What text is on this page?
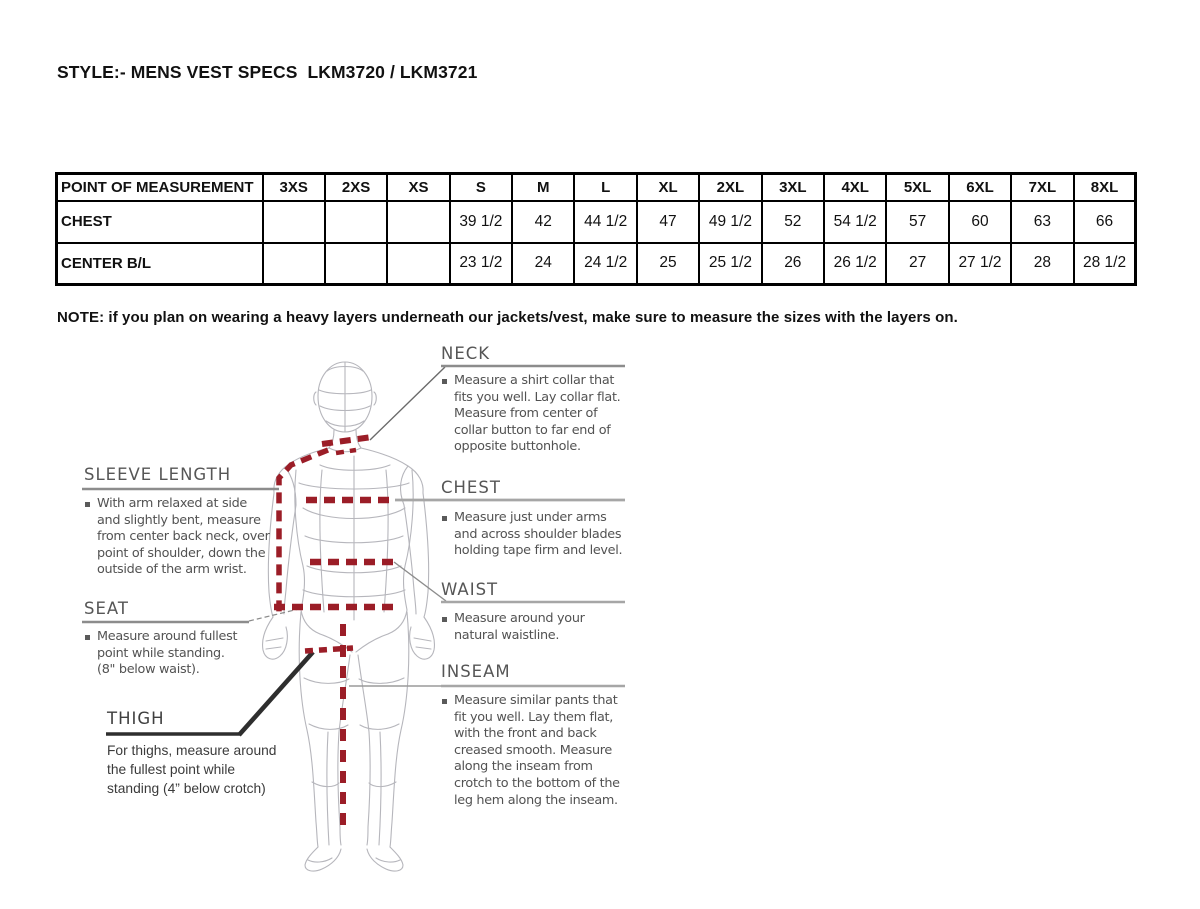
STYLE:- MENS VEST SPECS  LKM3720 / LKM3721
POINT OF MEASUREMENT	3XS	2XS	XS	S	M	L	XL	2XL	3XL	4XL	5XL	6XL	7XL	8XL
CHEST				39 1/2	42	44 1/2	47	49 1/2	52	54 1/2	57	60	63	66
CENTER B/L				23 1/2	24	24 1/2	25	25 1/2	26	26 1/2	27	27 1/2	28	28 1/2
NOTE: if you plan on wearing a heavy layers underneath our jackets/vest, make sure to measure the sizes with the layers on.
NECK
Measure a shirt collar that
fits you well. Lay collar flat.
Measure from center of
collar button to far end of
opposite buttonhole.
CHEST
Measure just under arms
and across shoulder blades
holding tape firm and level.
WAIST
Measure around your
natural waistline.
INSEAM
Measure similar pants that
fit you well. Lay them flat,
with the front and back
creased smooth. Measure
along the inseam from
crotch to the bottom of the
leg hem along the inseam.
SLEEVE LENGTH
With arm relaxed at side
and slightly bent, measure
from center back neck, over
point of shoulder, down the
outside of the arm wrist.
SEAT
Measure around fullest
point while standing.
(8" below waist).
THIGH
For thighs, measure around
the fullest point while
standing (4” below crotch)
